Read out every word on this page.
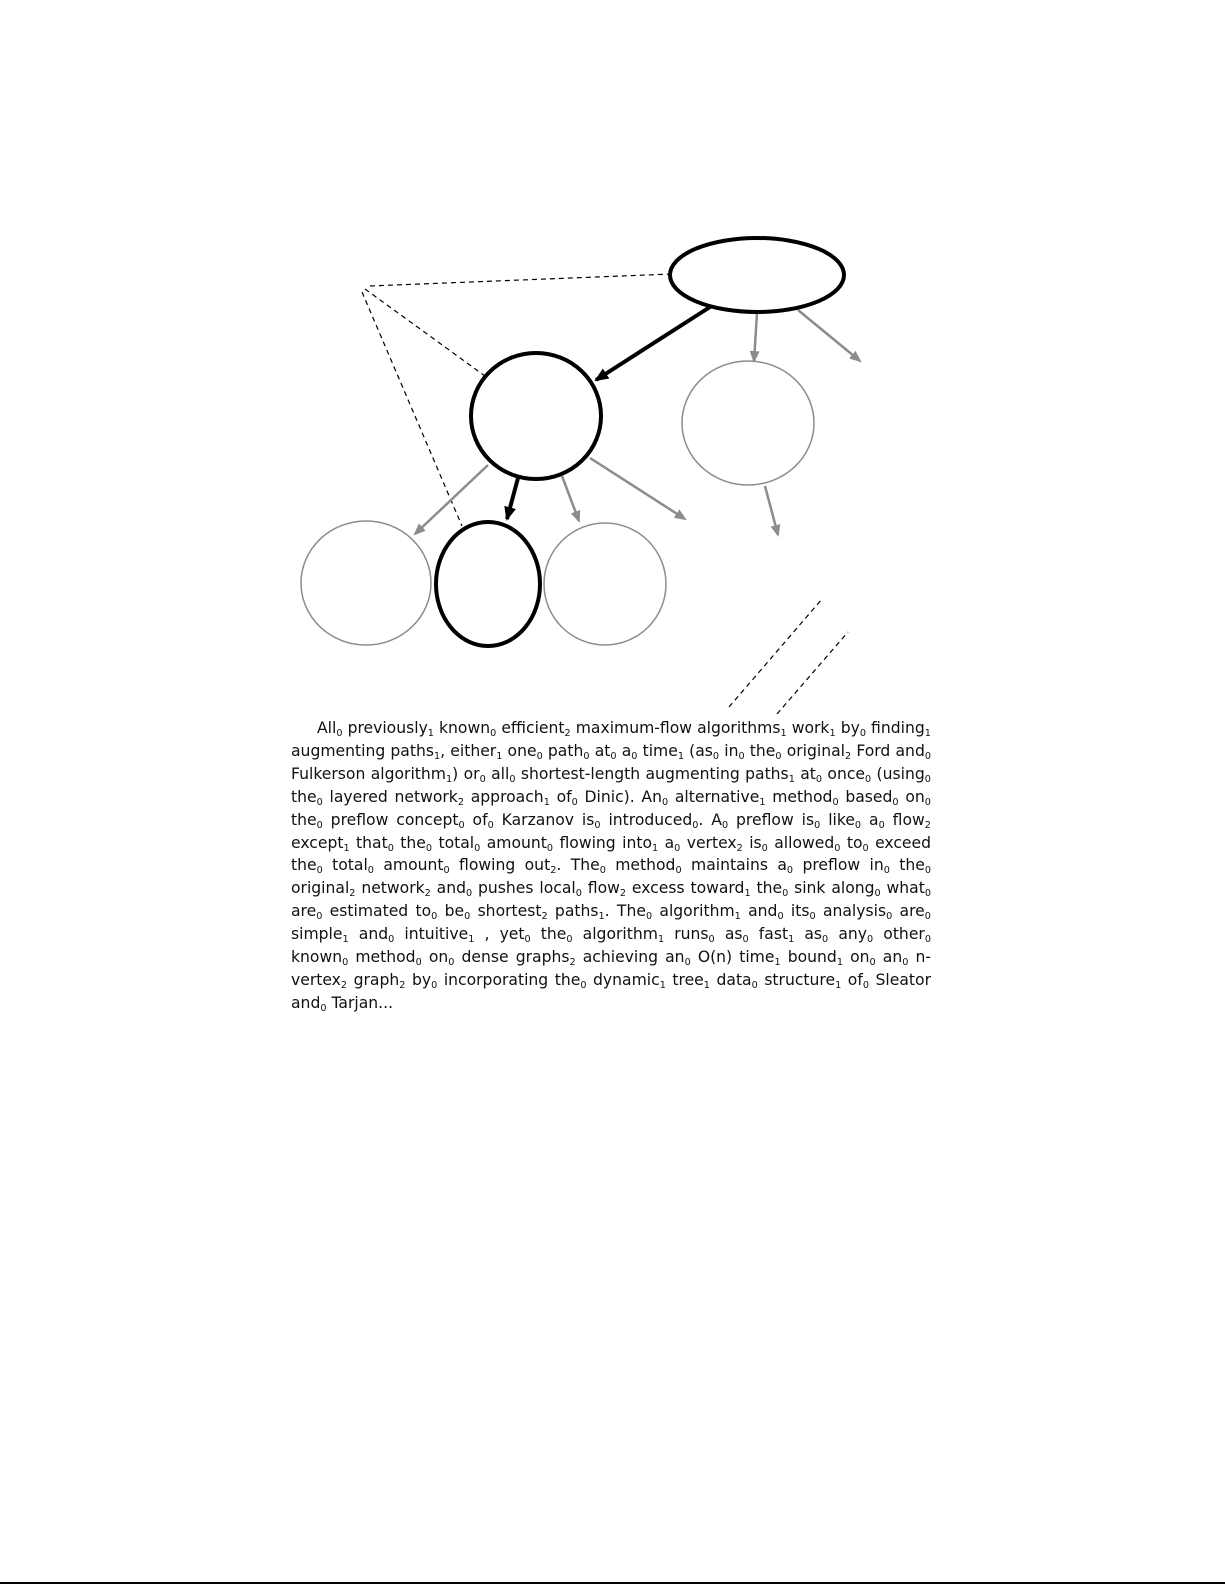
All$_0$ previously$_1$ known$_0$ efficient$_2$ maximum-flow algorithms$_1$ work$_1$ $by_0$ finding$_1$ augmenting paths$_1$, either$_1$ one$_0$ path$_0$ $at_0$ $a_0$ time$_1$ ($as_0$ $in_0$ the$_0$ original$_2$ Ford and$_0$ Fulkerson algorithm$_1$) $or_0$ all$_0$ shortest-length augmenting paths$_1$ $at_0$ once$_0$ (using$_0$ the$_0$ layered network$_2$ approach$_1$ $of_0$ Dinic). $An_0$ alternative$_1$ method$_0$ based$_0$ $on_0$ the$_0$ preflow concept$_0$ $of_0$ Karzanov $is_0$ introduced$_0$. $A_0$ preflow $is_0$ like$_0$ $a_0$ flow$_2$ except$_1$ that$_0$ the$_0$ total$_0$ amount$_0$ flowing into$_1$ $a_0$ vertex$_2$ $is_0$ allowed$_0$ $to_0$ exceed the$_0$ total$_0$ amount$_0$ flowing out$_2$. The$_0$ method$_0$ maintains $a_0$ preflow $in_0$ the$_0$ original$_2$ network$_2$ and$_0$ pushes local$_0$ flow$_2$ excess toward$_1$ the$_0$ sink along$_0$ what$_0$ are$_0$ estimated $to_0$ $be_0$ shortest$_2$ paths$_1$. The$_0$ algorithm$_1$ and$_0$ its$_0$ analysis$_0$ are$_0$ simple$_1$ and$_0$ intuitive$_1$ , yet$_0$ the$_0$ algorithm$_1$ runs$_0$ $as_0$ fast$_1$ $as_0$ any$_0$ other$_0$ known$_0$ method$_0$ $on_0$ dense graphs$_2$ achieving $an_0$ O(n) time$_1$ bound$_1$ $on_0$ $an_0$ n-vertex$_2$ graph$_2$ $by_0$ incorporating the$_0$ dynamic$_1$ tree$_1$ data$_0$ structure$_1$ $of_0$ Sleator and$_0$ Tarjan...
